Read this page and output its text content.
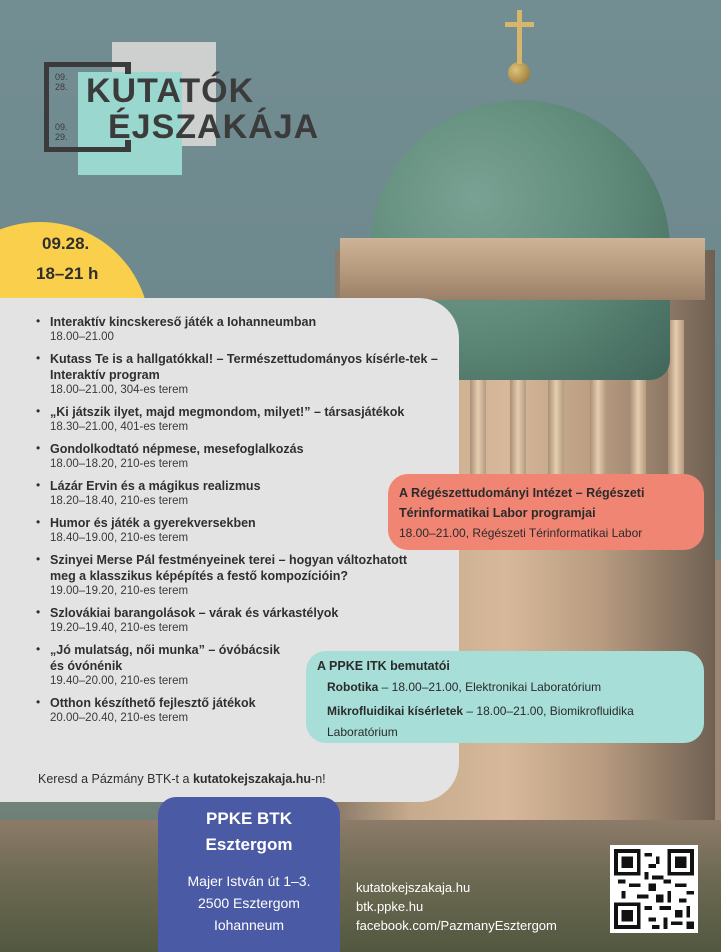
09.
28.
09.
29.
KUTATÓK
ÉJSZAKÁJA
09.28.
18–21 h
• Interaktív kincskereső játék a Iohanneumban
18.00–21.00
• Kutass Te is a hallgatókkal! – Természettudományos kísérle-tek – Interaktív program
18.00–21.00, 304-es terem
• „Ki játszik ilyet, majd megmondom, milyet!” – társasjátékok
18.30–21.00, 401-es terem
• Gondolkodtató népmese, mesefoglalkozás
18.00–18.20, 210-es terem
• Lázár Ervin és a mágikus realizmus
18.20–18.40, 210-es terem
• Humor és játék a gyerekversekben
18.40–19.00, 210-es terem
• Szinyei Merse Pál festményeinek terei – hogyan változhatott meg a klasszikus képépítés a festő kompozícióin?
19.00–19.20, 210-es terem
• Szlovákiai barangolások – várak és várkastélyok
19.20–19.40, 210-es terem
• „Jó mulatság, női munka” – óvóbácsik és óvónénik
19.40–20.00, 210-es terem
• Otthon készíthető fejlesztő játékok
20.00–20.40, 210-es terem
Keresd a Pázmány BTK-t a kutatokejszakaja.hu-n!
A Régészettudományi Intézet – Régészeti Térinformatikai Labor programjai
18.00–21.00, Régészeti Térinformatikai Labor
A PPKE ITK bemutatói
Robotika – 18.00–21.00, Elektronikai Laboratórium
Mikrofluidikai kísérletek – 18.00–21.00, Biomikrofluidika Laboratórium
PPKE BTK
Esztergom
Majer István út 1–3.
2500 Esztergom
Iohanneum
kutatokejszakaja.hu
btk.ppke.hu
facebook.com/PazmanyEsztergom
